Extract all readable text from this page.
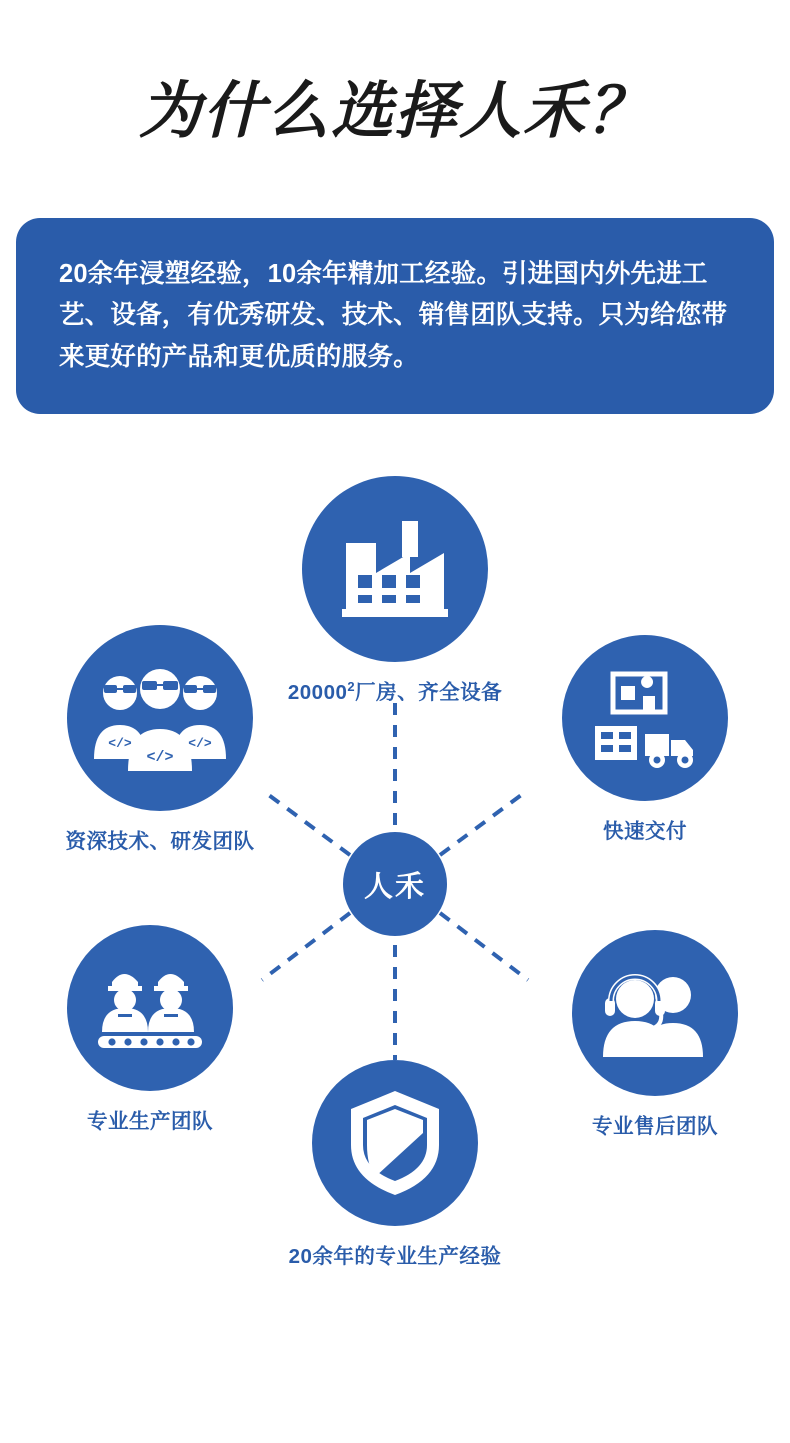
为什么选择人禾？
20余年浸塑经验，10余年精加工经验。引进国内外先进工艺、设备，有优秀研发、技术、销售团队支持。只为给您带来更好的产品和更优质的服务。
人禾
20000$^2$厂房、齐全设备
</>	</>
</>
资深技术、研发团队	快速交付
专业生产团队	专业售后团队
20余年的专业生产经验
